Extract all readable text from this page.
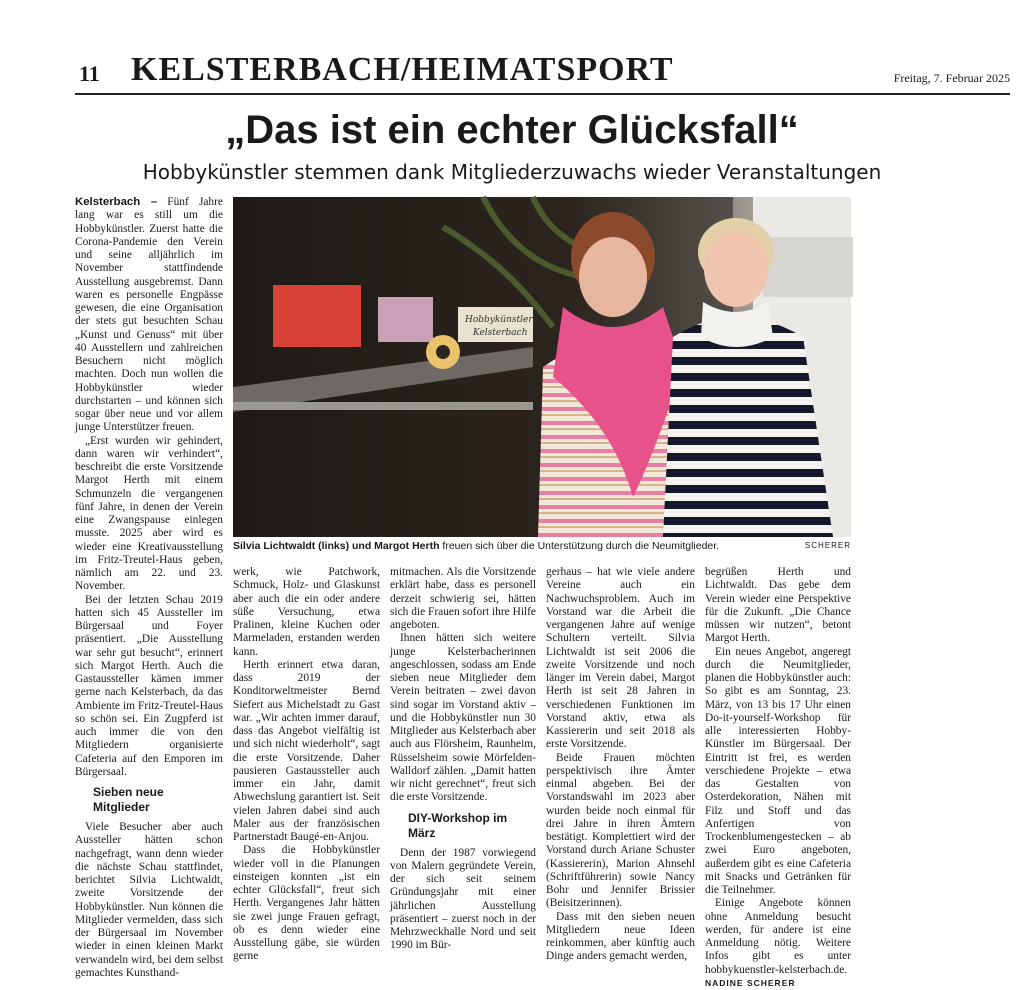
11 KELSTERBACH/HEIMATSPORT	Freitag, 7. Februar 2025
„Das ist ein echter Glücksfall“
Hobbykünstler stemmen dank Mitgliederzuwachs wieder Veranstaltungen

Kelsterbach – Fünf Jahre lang war es still um die Hobbykünstler. Zuerst hatte die Corona-Pandemie den Verein und seine alljährlich im November stattfindende Ausstellung ausgebremst. Dann waren es personelle Engpässe gewesen, die eine Organisation der stets gut besuchten Schau „Kunst und Genuss“ mit über 40 Ausstellern und zahlreichen Besuchern nicht möglich machten. Doch nun wollen die Hobbykünstler wieder durchstarten – und können sich sogar über neue und vor allem junge Unterstützer freuen.

„Erst wurden wir gehindert, dann waren wir verhindert“, beschreibt die erste Vorsitzende Margot Herth mit einem Schmunzeln die vergangenen fünf Jahre, in denen der Verein eine Zwangspause einlegen musste. 2025 aber wird es wieder eine Kreativausstellung im Fritz-Treutel-Haus geben, nämlich am 22. und 23. November.

Bei der letzten Schau 2019 hatten sich 45 Aussteller im Bürgersaal und Foyer präsentiert. „Die Ausstellung war sehr gut besucht“, erinnert sich Margot Herth. Auch die Gastaussteller kämen immer gerne nach Kelsterbach, da das Ambiente im Fritz-Treutel-Haus so schön sei. Ein Zugpferd ist auch immer die von den Mitgliedern organisierte Cafeteria auf den Emporen im Bürgersaal.

Sieben neue Mitglieder

Viele Besucher aber auch Aussteller hätten schon nachgefragt, wann denn wieder die nächste Schau stattfindet, berichtet Silvia Lichtwaldt, zweite Vorsitzende der Hobbykünstler. Nun können die Mitglieder vermelden, dass sich der Bürgersaal im November wieder in einen kleinen Markt verwandeln wird, bei dem selbst gemachtes Kunsthand-

Hobbykünstler
Kelsterbach
Silvia Lichtwaldt (links) und Margot Herth freuen sich über die Unterstützung durch die Neumitglieder.	SCHERER

werk, wie Patchwork, Schmuck, Holz- und Glaskunst aber auch die ein oder andere süße Versuchung, etwa Pralinen, kleine Kuchen oder Marmeladen, erstanden werden kann.

Herth erinnert etwa daran, dass 2019 der Konditorweltmeister Bernd Siefert aus Michelstadt zu Gast war. „Wir achten immer darauf, dass das Angebot vielfältig ist und sich nicht wiederholt“, sagt die erste Vorsitzende. Daher pausieren Gastaussteller auch immer ein Jahr, damit Abwechslung garantiert ist. Seit vielen Jahren dabei sind auch Maler aus der französischen Partnerstadt Baugé-en-Anjou.

Dass die Hobbykünstler wieder voll in die Planungen einsteigen konnten „ist ein echter Glücksfall“, freut sich Herth. Vergangenes Jahr hätten sie zwei junge Frauen gefragt, ob es denn wieder eine Ausstellung gäbe, sie würden gerne

mitmachen. Als die Vorsitzende erklärt habe, dass es personell derzeit schwierig sei, hätten sich die Frauen sofort ihre Hilfe angeboten.

Ihnen hätten sich weitere junge Kelsterbacherinnen angeschlossen, sodass am Ende sieben neue Mitglieder dem Verein beitraten – zwei davon sind sogar im Vorstand aktiv – und die Hobbykünstler nun 30 Mitglieder aus Kelsterbach aber auch aus Flörsheim, Raunheim, Rüsselsheim sowie Mörfelden-Walldorf zählen. „Damit hatten wir nicht gerechnet“, freut sich die erste Vorsitzende.

DIY-Workshop im März

Denn der 1987 vorwiegend von Malern gegründete Verein, der sich seit seinem Gründungsjahr mit einer jährlichen Ausstellung präsentiert – zuerst noch in der Mehrzweckhalle Nord und seit 1990 im Bür-

gerhaus – hat wie viele andere Vereine auch ein Nachwuchsproblem. Auch im Vorstand war die Arbeit die vergangenen Jahre auf wenige Schultern verteilt. Silvia Lichtwaldt ist seit 2006 die zweite Vorsitzende und noch länger im Verein dabei, Margot Herth ist seit 28 Jahren in verschiedenen Funktionen im Vorstand aktiv, etwa als Kassiererin und seit 2018 als erste Vorsitzende.

Beide Frauen möchten perspektivisch ihre Ämter einmal abgeben. Bei der Vorstandswahl im 2023 aber wurden beide noch einmal für drei Jahre in ihren Ämtern bestätigt. Komplettiert wird der Vorstand durch Ariane Schuster (Kassiererin), Marion Ahnsehl (Schriftführerin) sowie Nancy Bohr und Jennifer Brissier (Beisitzerinnen).

Dass mit den sieben neuen Mitgliedern neue Ideen reinkommen, aber künftig auch Dinge anders gemacht werden,

begrüßen Herth und Lichtwaldt. Das gebe dem Verein wieder eine Perspektive für die Zukunft. „Die Chance müssen wir nutzen“, betont Margot Herth.

Ein neues Angebot, angeregt durch die Neumitglieder, planen die Hobbykünstler auch: So gibt es am Sonntag, 23. März, von 13 bis 17 Uhr einen Do-it-yourself-Workshop für alle interessierten Hobby-Künstler im Bürgersaal. Der Eintritt ist frei, es werden verschiedene Projekte – etwa das Gestalten von Osterdekoration, Nähen mit Filz und Stoff und das Anfertigen von Trockenblumengestecken – ab zwei Euro angeboten, außerdem gibt es eine Cafeteria mit Snacks und Getränken für die Teilnehmer.

Einige Angebote können ohne Anmeldung besucht werden, für andere ist eine Anmeldung nötig. Weitere Infos gibt es unter hobbykuenstler-kelsterbach.de. NADINE SCHERER
